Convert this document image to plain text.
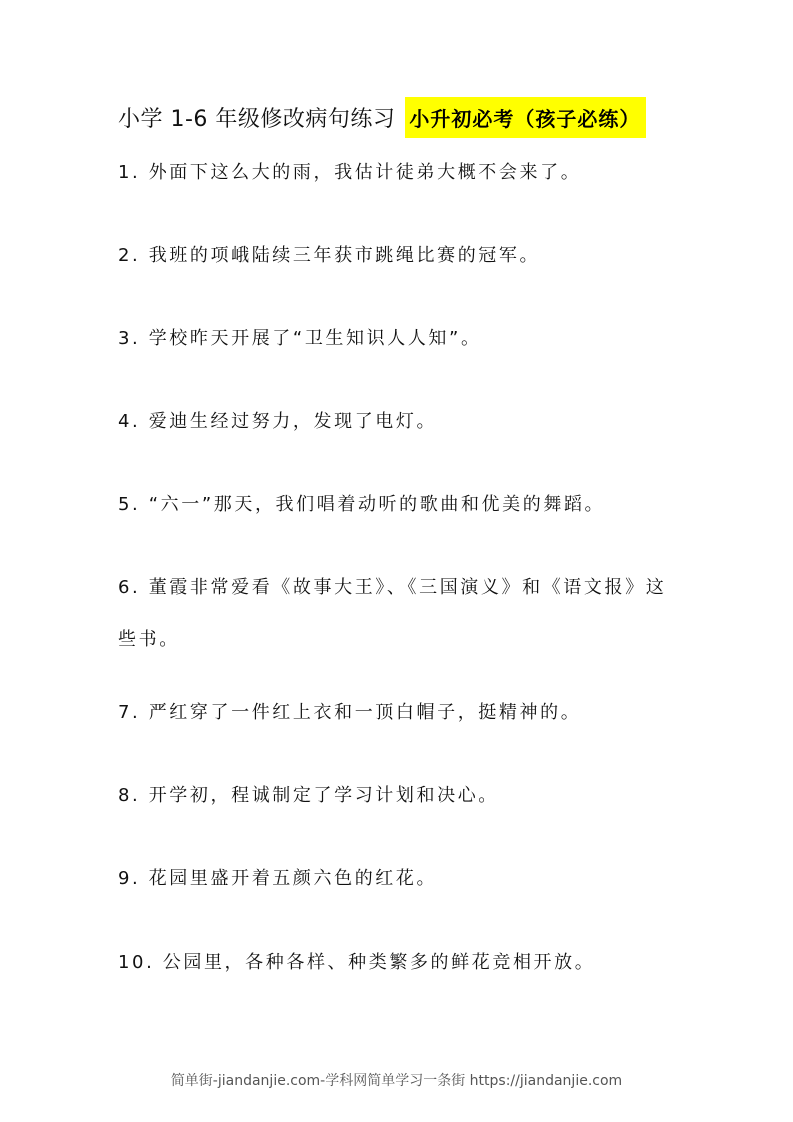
小学 1-6 年级修改病句练习 小升初必考（孩子必练）
1. 外面下这么大的雨，我估计徒弟大概不会来了。
2. 我班的项峨陆续三年获市跳绳比赛的冠军。
3. 学校昨天开展了“卫生知识人人知”。
4. 爱迪生经过努力，发现了电灯。
5. “六一”那天，我们唱着动听的歌曲和优美的舞蹈。
6. 董霞非常爱看《故事大王》、《三国演义》和《语文报》这些书。
7. 严红穿了一件红上衣和一顶白帽子，挺精神的。
8. 开学初，程诚制定了学习计划和决心。
9. 花园里盛开着五颜六色的红花。
10. 公园里，各种各样、种类繁多的鲜花竞相开放。
简单街-jiandanjie.com-学科网简单学习一条街 https://jiandanjie.com
